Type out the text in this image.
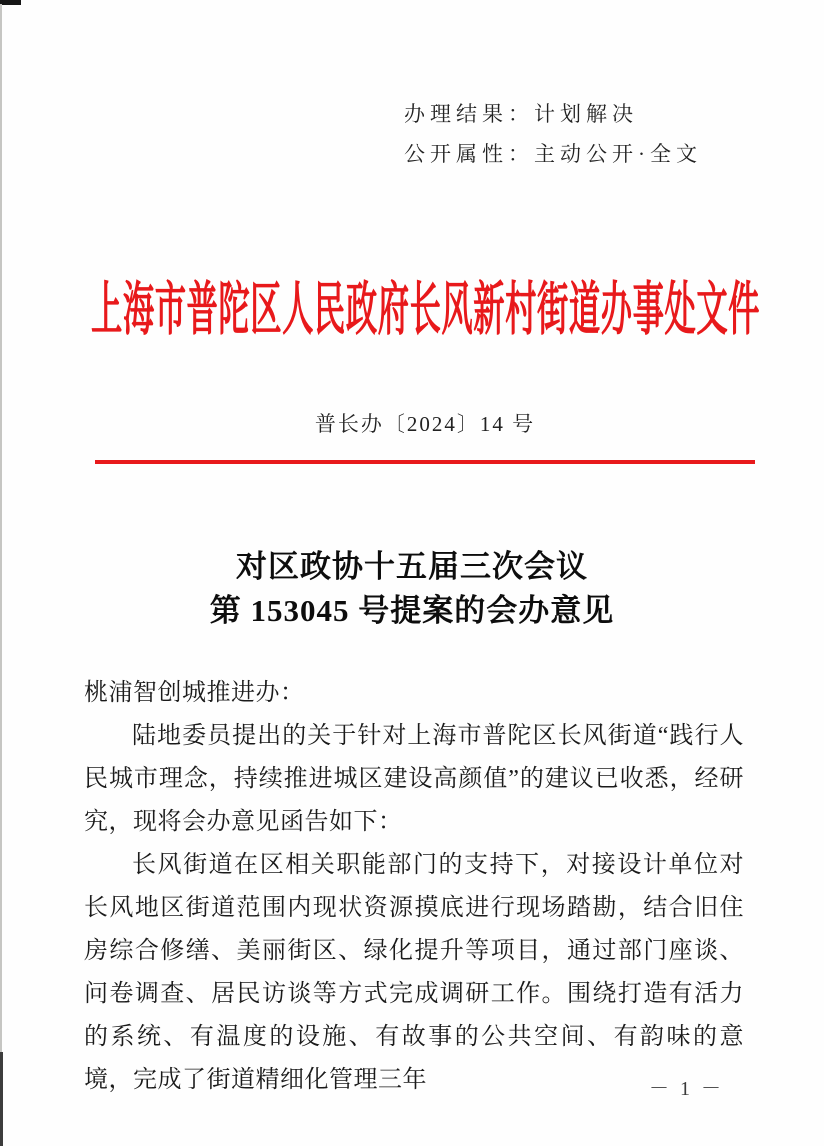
办理结果：计划解决
公开属性：主动公开·全文
上海市普陀区人民政府长风新村街道办事处文件
普长办〔2024〕14 号
对区政协十五届三次会议
第 153045 号提案的会办意见

桃浦智创城推进办：

陆地委员提出的关于针对上海市普陀区长风街道“践行人民城市理念，持续推进城区建设高颜值”的建议已收悉，经研究，现将会办意见函告如下：

长风街道在区相关职能部门的支持下，对接设计单位对长风地区街道范围内现状资源摸底进行现场踏勘，结合旧住房综合修缮、美丽街区、绿化提升等项目，通过部门座谈、问卷调查、居民访谈等方式完成调研工作。围绕打造有活力的系统、有温度的设施、有故事的公共空间、有韵味的意境，完成了街道精细化管理三年	－ 1 －
